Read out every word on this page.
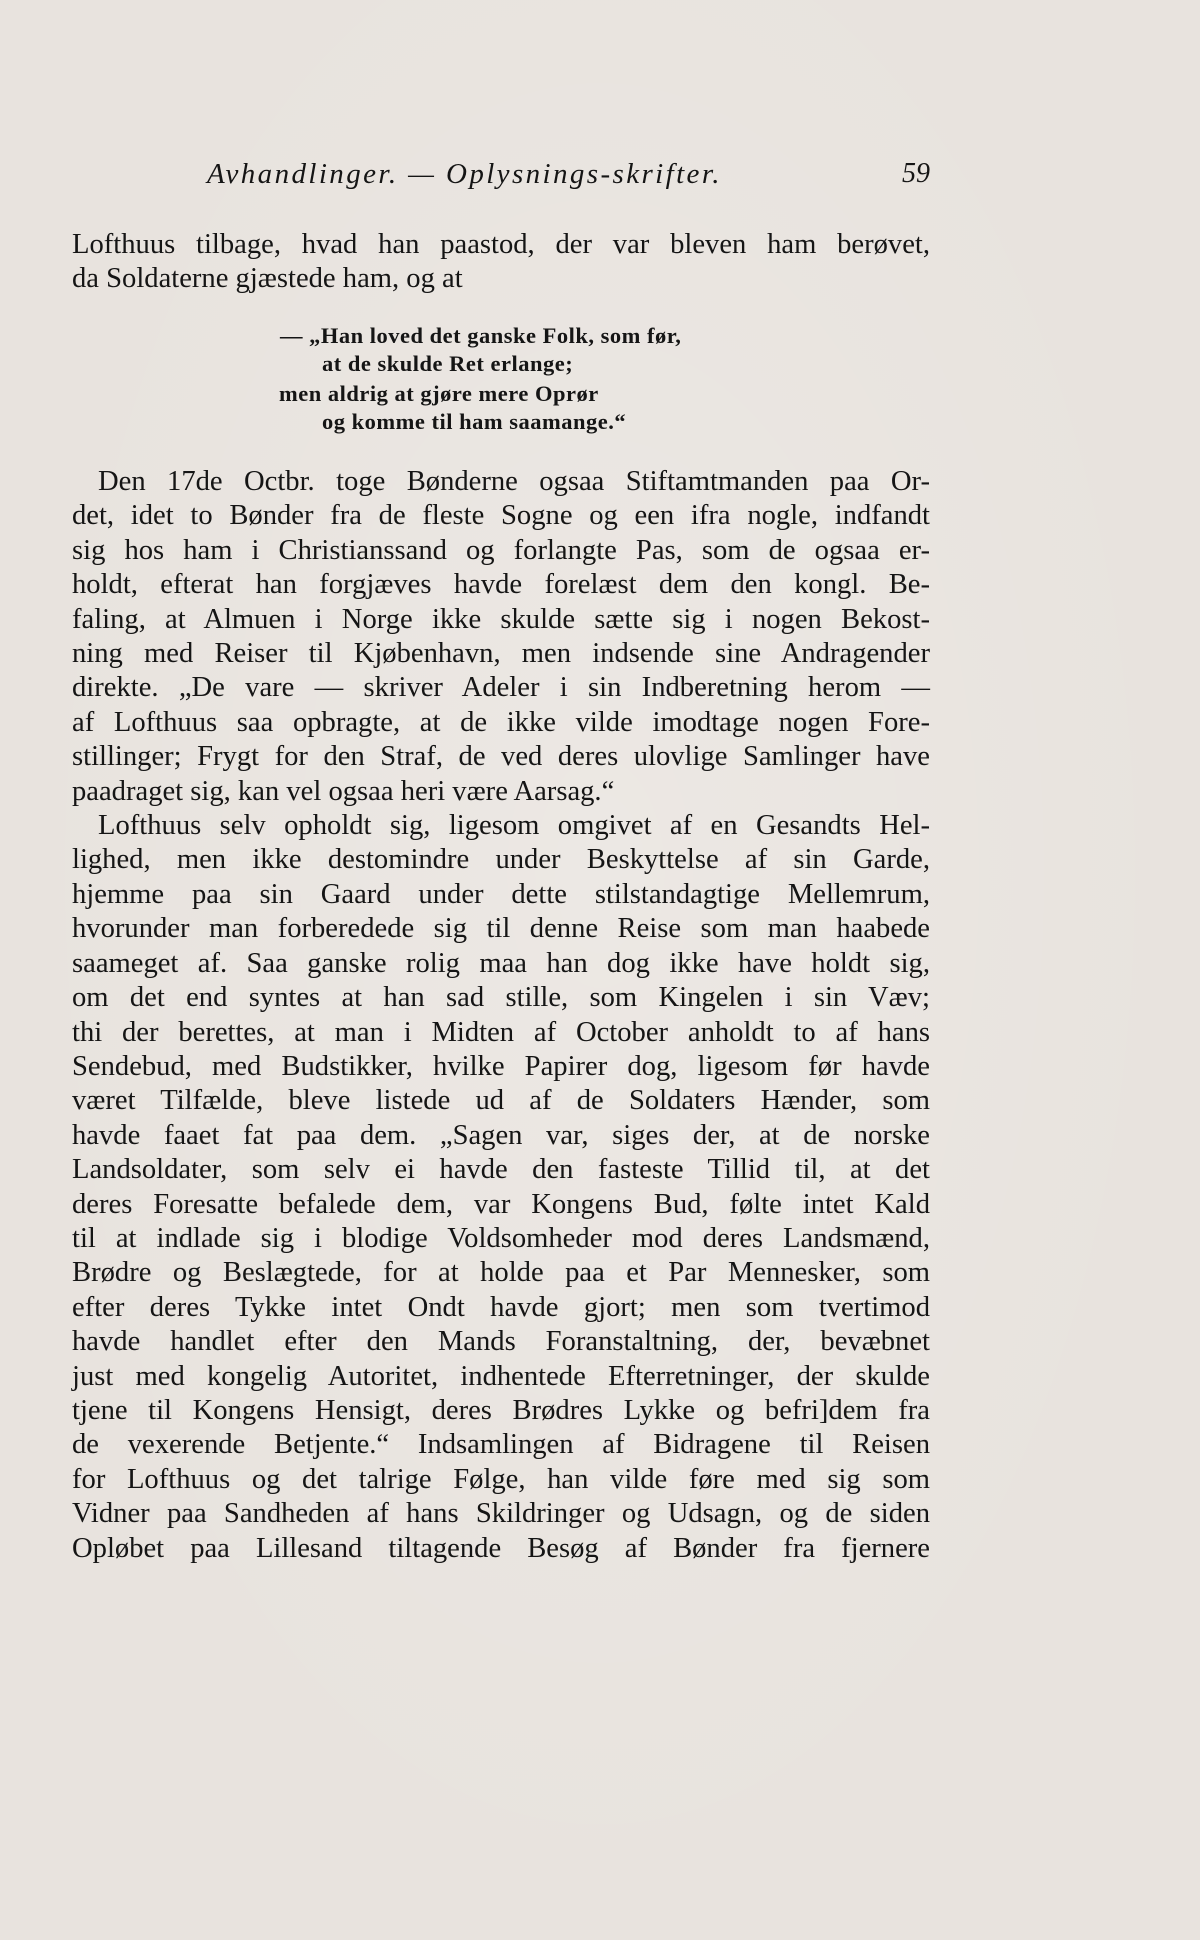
Avhandlinger. — Oplysnings-skrifter.	59
Lofthuus tilbage, hvad han paastod, der var bleven ham berøvet,
da Soldaterne gjæstede ham, og at
— „Han loved det ganske Folk, som før,
at de skulde Ret erlange;
men aldrig at gjøre mere Oprør
og komme til ham saamange.“
Den 17de Octbr. toge Bønderne ogsaa Stiftamtmanden paa Or-
det, idet to Bønder fra de fleste Sogne og een ifra nogle, indfandt
sig hos ham i Christianssand og forlangte Pas, som de ogsaa er-
holdt, efterat han forgjæves havde forelæst dem den kongl. Be-
faling, at Almuen i Norge ikke skulde sætte sig i nogen Bekost-
ning med Reiser til Kjøbenhavn, men indsende sine Andragender
direkte. „De vare — skriver Adeler i sin Indberetning herom —
af Lofthuus saa opbragte, at de ikke vilde imodtage nogen Fore-
stillinger; Frygt for den Straf, de ved deres ulovlige Samlinger have
paadraget sig, kan vel ogsaa heri være Aarsag.“
Lofthuus selv opholdt sig, ligesom omgivet af en Gesandts Hel-
lighed, men ikke destomindre under Beskyttelse af sin Garde,
hjemme paa sin Gaard under dette stilstandagtige Mellemrum,
hvorunder man forberedede sig til denne Reise som man haabede
saameget af. Saa ganske rolig maa han dog ikke have holdt sig,
om det end syntes at han sad stille, som Kingelen i sin Væv;
thi der berettes, at man i Midten af October anholdt to af hans
Sendebud, med Budstikker, hvilke Papirer dog, ligesom før havde
været Tilfælde, bleve listede ud af de Soldaters Hænder, som
havde faaet fat paa dem. „Sagen var, siges der, at de norske
Landsoldater, som selv ei havde den fasteste Tillid til, at det
deres Foresatte befalede dem, var Kongens Bud, følte intet Kald
til at indlade sig i blodige Voldsomheder mod deres Landsmænd,
Brødre og Beslægtede, for at holde paa et Par Mennesker, som
efter deres Tykke intet Ondt havde gjort; men som tvertimod
havde handlet efter den Mands Foranstaltning, der, bevæbnet
just med kongelig Autoritet, indhentede Efterretninger, der skulde
tjene til Kongens Hensigt, deres Brødres Lykke og befri]dem fra
de vexerende Betjente.“ Indsamlingen af Bidragene til Reisen
for Lofthuus og det talrige Følge, han vilde føre med sig som
Vidner paa Sandheden af hans Skildringer og Udsagn, og de siden
Opløbet paa Lillesand tiltagende Besøg af Bønder fra fjernere
